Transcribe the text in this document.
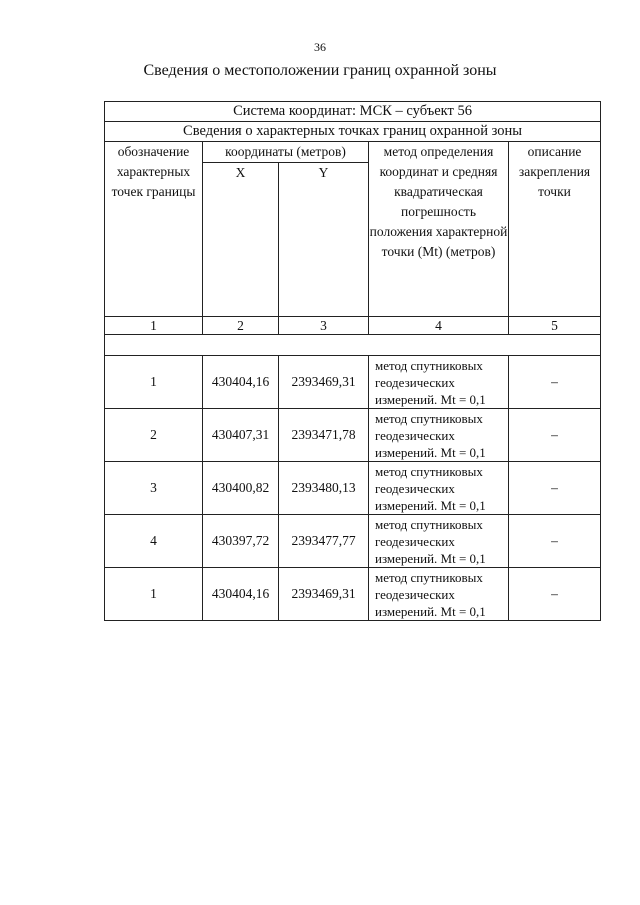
36
Сведения о местоположении границ охранной зоны
Система координат: МСК – субъект 56				
Сведения о характерных точках границ охранной зоны				
обозначение характерных точек границы	координаты (метров)		метод определения координат и средняя квадратическая погрешность положения характерной точки (Mt) (метров)	описание закрепления точки
	X	Y		
1	2	3	4	5

1	430404,16	2393469,31	метод спутниковых геодезических измерений. Mt = 0,1	–
2	430407,31	2393471,78	метод спутниковых геодезических измерений. Mt = 0,1	–
3	430400,82	2393480,13	метод спутниковых геодезических измерений. Mt = 0,1	–
4	430397,72	2393477,77	метод спутниковых геодезических измерений. Mt = 0,1	–
1	430404,16	2393469,31	метод спутниковых геодезических измерений. Mt = 0,1	–
